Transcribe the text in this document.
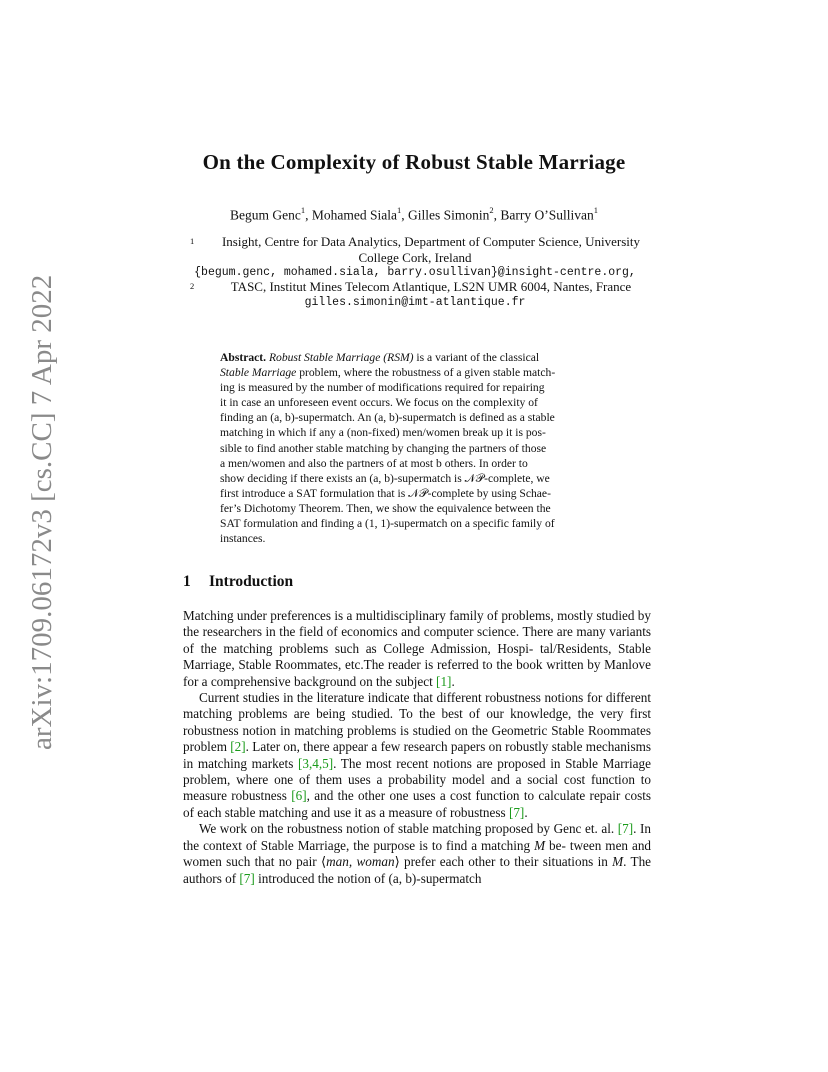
arXiv:1709.06172v3 [cs.CC] 7 Apr 2022
On the Complexity of Robust Stable Marriage
Begum Genc$^1$, Mohamed Siala$^1$, Gilles Simonin$^2$, Barry O’Sullivan$^1$
1	Insight, Centre for Data Analytics, Department of Computer Science, University
College Cork, Ireland
{begum.genc, mohamed.siala, barry.osullivan}@insight-centre.org,
2	TASC, Institut Mines Telecom Atlantique, LS2N UMR 6004, Nantes, France
gilles.simonin@imt-atlantique.fr
Abstract. Robust Stable Marriage (RSM) is a variant of the classical
Stable Marriage problem, where the robustness of a given stable match-
ing is measured by the number of modifications required for repairing
it in case an unforeseen event occurs. We focus on the complexity of
finding an (a, b)-supermatch. An (a, b)-supermatch is defined as a stable
matching in which if any a (non-fixed) men/women break up it is pos-
sible to find another stable matching by changing the partners of those
a men/women and also the partners of at most b others. In order to
show deciding if there exists an (a, b)-supermatch is 𝒩𝒫-complete, we
first introduce a SAT formulation that is 𝒩𝒫-complete by using Schae-
fer’s Dichotomy Theorem. Then, we show the equivalence between the
SAT formulation and finding a (1, 1)-supermatch on a specific family of
instances.
1 Introduction

Matching under preferences is a multidisciplinary family of problems, mostly studied by the researchers in the field of economics and computer science. There are many variants of the matching problems such as College Admission, Hospi- tal/Residents, Stable Marriage, Stable Roommates, etc.The reader is referred to the book written by Manlove for a comprehensive background on the subject [1].

Current studies in the literature indicate that different robustness notions for different matching problems are being studied. To the best of our knowledge, the very first robustness notion in matching problems is studied on the Geometric Stable Roommates problem [2]. Later on, there appear a few research papers on robustly stable mechanisms in matching markets [3,4,5]. The most recent notions are proposed in Stable Marriage problem, where one of them uses a probability model and a social cost function to measure robustness [6], and the other one uses a cost function to calculate repair costs of each stable matching and use it as a measure of robustness [7].

We work on the robustness notion of stable matching proposed by Genc et. al. [7]. In the context of Stable Marriage, the purpose is to find a matching M be- tween men and women such that no pair ⟨man, woman⟩ prefer each other to their situations in M. The authors of [7] introduced the notion of (a, b)-supermatch
